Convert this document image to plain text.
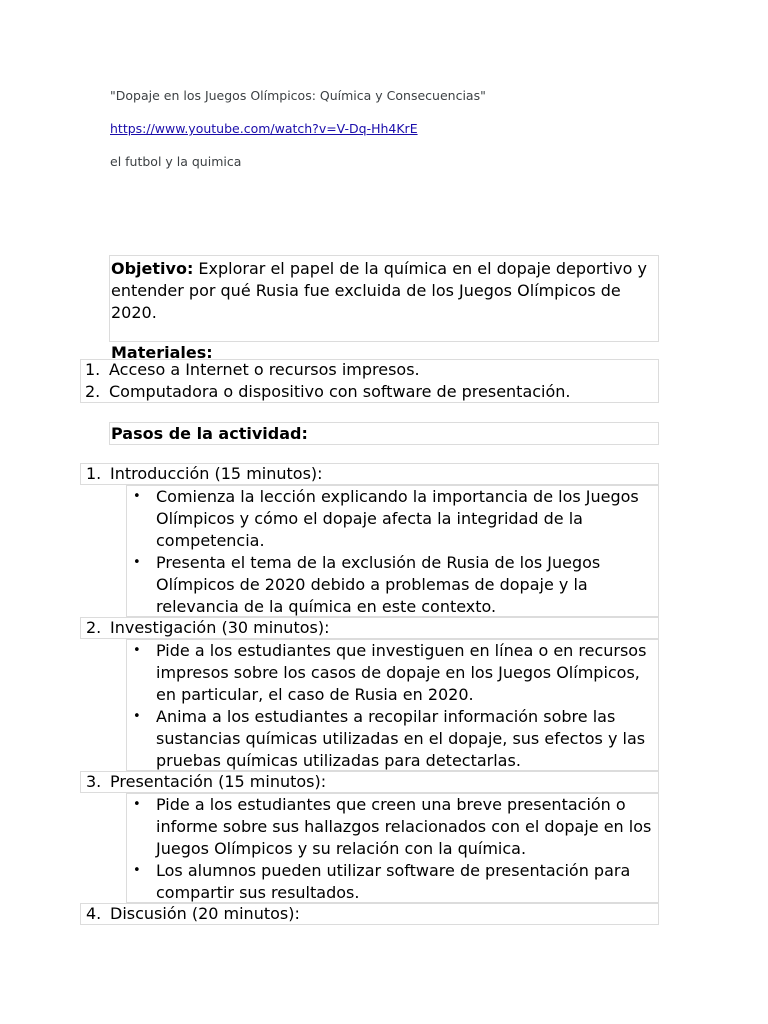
"Dopaje en los Juegos Olímpicos: Química y Consecuencias"
https://www.youtube.com/watch?v=V-Dq-Hh4KrE
el futbol y la quimica
Objetivo: Explorar el papel de la química en el dopaje deportivo y entender por qué Rusia fue excluida de los Juegos Olímpicos de 2020.
Materiales:
1. Acceso a Internet o recursos impresos.
2. Computadora o dispositivo con software de presentación.
Pasos de la actividad:
1. Introducción (15 minutos):
• Comienza la lección explicando la importancia de los Juegos Olímpicos y cómo el dopaje afecta la integridad de la competencia.
• Presenta el tema de la exclusión de Rusia de los Juegos Olímpicos de 2020 debido a problemas de dopaje y la relevancia de la química en este contexto.
2. Investigación (30 minutos):
• Pide a los estudiantes que investiguen en línea o en recursos impresos sobre los casos de dopaje en los Juegos Olímpicos, en particular, el caso de Rusia en 2020.
• Anima a los estudiantes a recopilar información sobre las sustancias químicas utilizadas en el dopaje, sus efectos y las pruebas químicas utilizadas para detectarlas.
3. Presentación (15 minutos):
• Pide a los estudiantes que creen una breve presentación o informe sobre sus hallazgos relacionados con el dopaje en los Juegos Olímpicos y su relación con la química.
• Los alumnos pueden utilizar software de presentación para compartir sus resultados.
4. Discusión (20 minutos):
